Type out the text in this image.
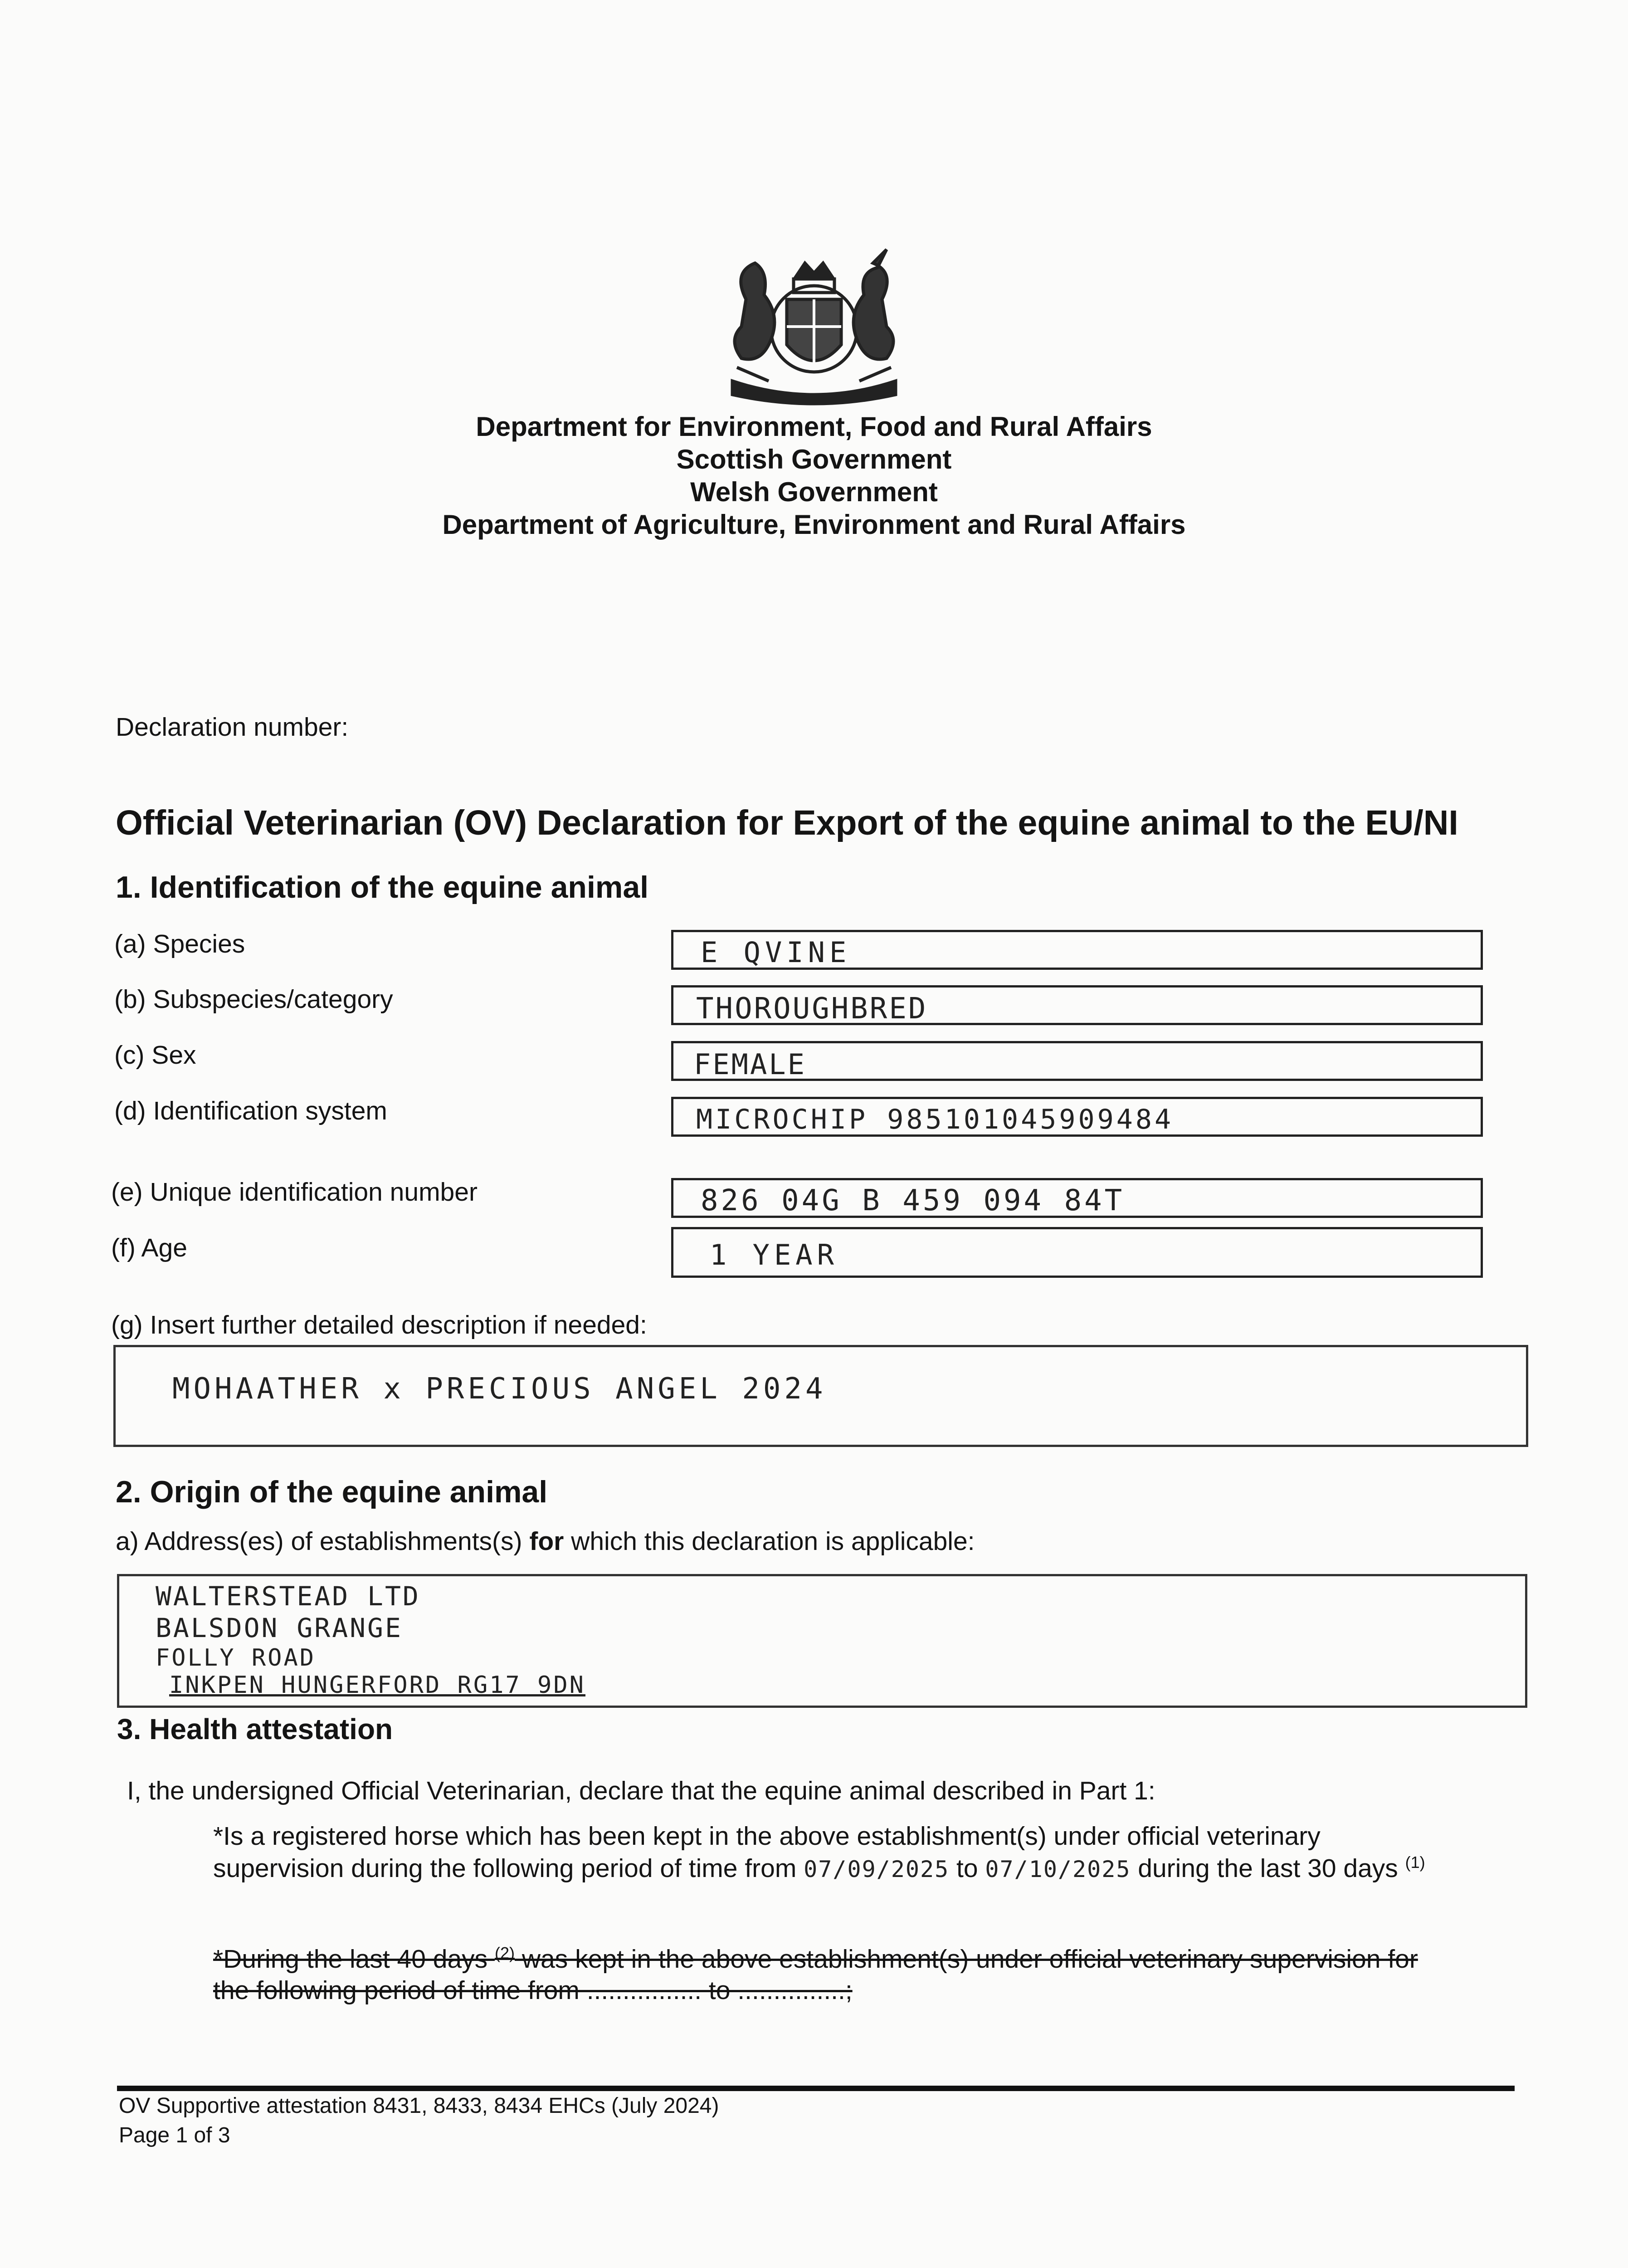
Department for Environment, Food and Rural Affairs
Scottish Government
Welsh Government
Department of Agriculture, Environment and Rural Affairs
Declaration number:
Official Veterinarian (OV) Declaration for Export of the equine animal to the EU/NI
1. Identification of the equine animal
(a) Species
(b) Subspecies/category
(c) Sex
(d) Identification system
(e) Unique identification number
(f) Age
E QVINE
THOROUGHBRED
FEMALE
MICROCHIP 985101045909484
826 04G B 459 094 84T
1 YEAR
(g) Insert further detailed description if needed:
MOHAATHER x PRECIOUS ANGEL 2024
2. Origin of the equine animal
a) Address(es) of establishments(s) for which this declaration is applicable:
WALTERSTEAD LTD
BALSDON GRANGE
FOLLY ROAD
INKPEN HUNGERFORD RG17 9DN
3. Health attestation
I, the undersigned Official Veterinarian, declare that the equine animal described in Part 1:
*Is a registered horse which has been kept in the above establishment(s) under official veterinary
supervision during the following period of time from 07/09/2025 to 07/10/2025 during the last 30 days $^{(1)}$
*During the last 40 days $^{(2)}$ was kept in the above establishment(s) under official veterinary supervision for
the following period of time from ................ to ...............;
OV Supportive attestation 8431, 8433, 8434 EHCs (July 2024)
Page 1 of 3
